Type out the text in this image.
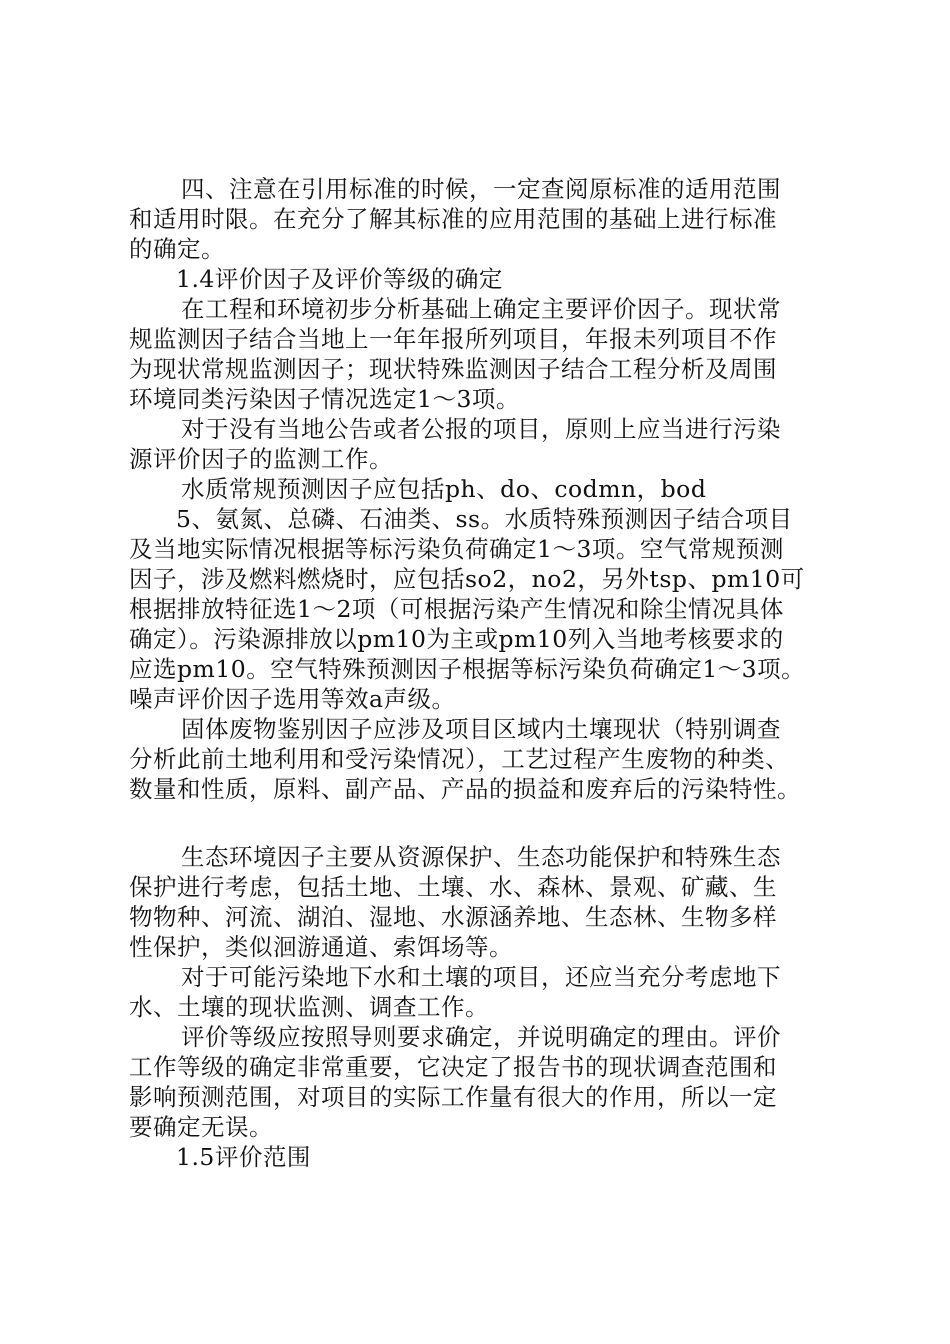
四、注意在引用标准的时候，一定查阅原标准的适用范围
和适用时限。在充分了解其标准的应用范围的基础上进行标准
的确定。
1.4评价因子及评价等级的确定
在工程和环境初步分析基础上确定主要评价因子。现状常
规监测因子结合当地上一年年报所列项目，年报未列项目不作
为现状常规监测因子；现状特殊监测因子结合工程分析及周围
环境同类污染因子情况选定1～3项。
对于没有当地公告或者公报的项目，原则上应当进行污染
源评价因子的监测工作。
水质常规预测因子应包括ph、do、codmn，bod
5、氨氮、总磷、石油类、ss。水质特殊预测因子结合项目
及当地实际情况根据等标污染负荷确定1～3项。空气常规预测
因子，涉及燃料燃烧时，应包括so2，no2，另外tsp、pm10可
根据排放特征选1～2项（可根据污染产生情况和除尘情况具体
确定）。污染源排放以pm10为主或pm10列入当地考核要求的
应选pm10。空气特殊预测因子根据等标污染负荷确定1～3项。
噪声评价因子选用等效a声级。
固体废物鉴别因子应涉及项目区域内土壤现状（特别调查
分析此前土地利用和受污染情况），工艺过程产生废物的种类、
数量和性质，原料、副产品、产品的损益和废弃后的污染特性。
生态环境因子主要从资源保护、生态功能保护和特殊生态
保护进行考虑，包括土地、土壤、水、森林、景观、矿藏、生
物物种、河流、湖泊、湿地、水源涵养地、生态林、生物多样
性保护，类似洄游通道、索饵场等。
对于可能污染地下水和土壤的项目，还应当充分考虑地下
水、土壤的现状监测、调查工作。
评价等级应按照导则要求确定，并说明确定的理由。评价
工作等级的确定非常重要，它决定了报告书的现状调查范围和
影响预测范围，对项目的实际工作量有很大的作用，所以一定
要确定无误。
1.5评价范围
